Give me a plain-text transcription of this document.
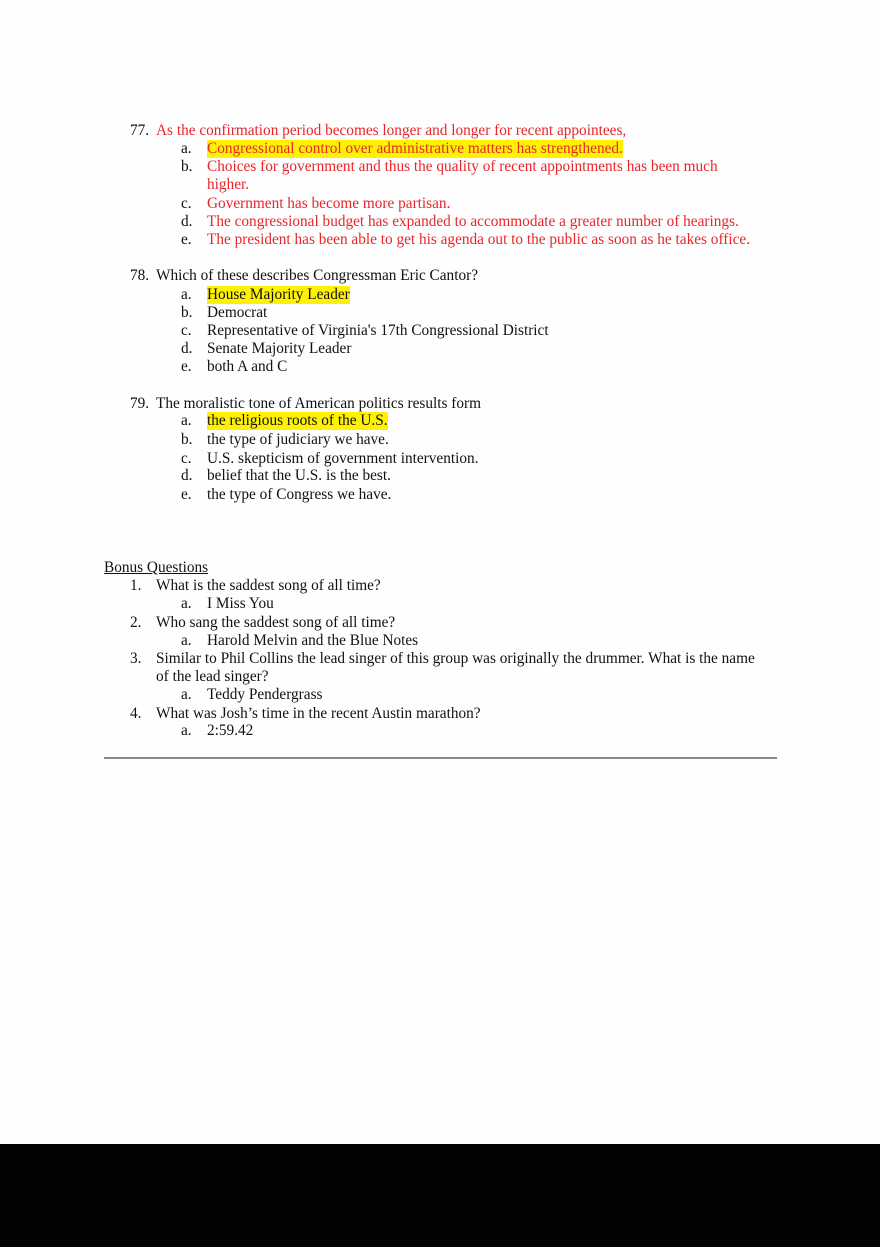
77. As the confirmation period becomes longer and longer for recent appointees,
a. Congressional control over administrative matters has strengthened.
b. Choices for government and thus the quality of recent appointments has been much
higher.
c. Government has become more partisan.
d. The congressional budget has expanded to accommodate a greater number of hearings.
e. The president has been able to get his agenda out to the public as soon as he takes office.
78. Which of these describes Congressman Eric Cantor?
a. House Majority Leader
b. Democrat
c. Representative of Virginia's 17th Congressional District
d. Senate Majority Leader
e. both A and C
79. The moralistic tone of American politics results form
a. the religious roots of the U.S.
b. the type of judiciary we have.
c. U.S. skepticism of government intervention.
d. belief that the U.S. is the best.
e. the type of Congress we have.
Bonus Questions
1. What is the saddest song of all time?
a. I Miss You
2. Who sang the saddest song of all time?
a. Harold Melvin and the Blue Notes
3. Similar to Phil Collins the lead singer of this group was originally the drummer. What is the name
of the lead singer?
a. Teddy Pendergrass
4. What was Josh’s time in the recent Austin marathon?
a. 2:59.42
